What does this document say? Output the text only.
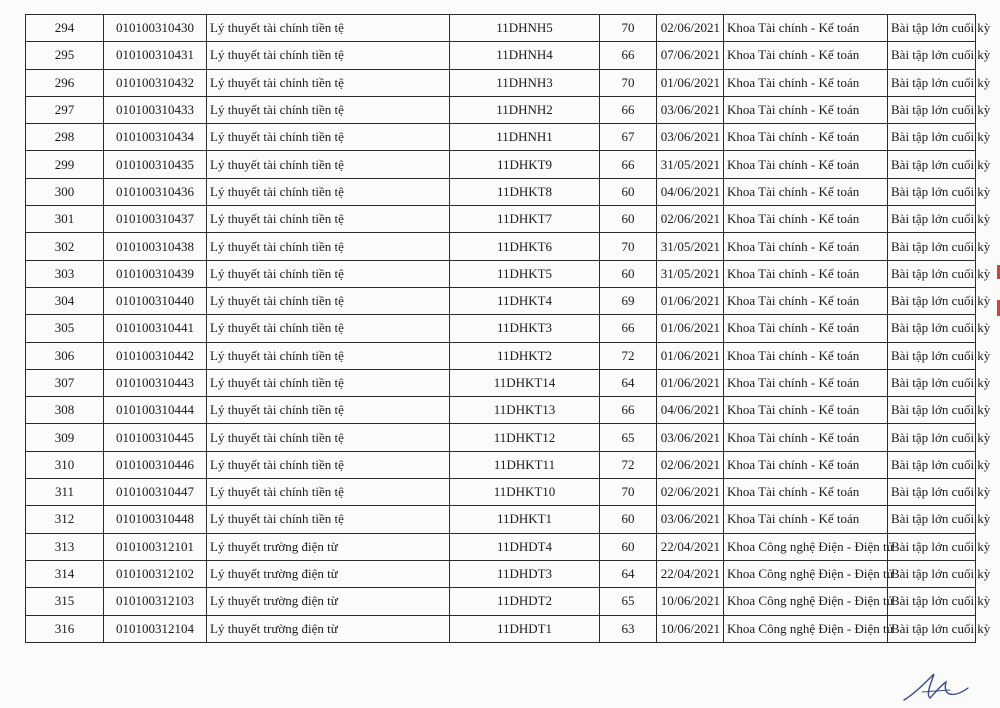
294	010100310430	Lý thuyết tài chính tiền tệ	11DHNH5	70	02/06/2021	Khoa Tài chính - Kế toán	Bài tập lớn cuối kỳ
295	010100310431	Lý thuyết tài chính tiền tệ	11DHNH4	66	07/06/2021	Khoa Tài chính - Kế toán	Bài tập lớn cuối kỳ
296	010100310432	Lý thuyết tài chính tiền tệ	11DHNH3	70	01/06/2021	Khoa Tài chính - Kế toán	Bài tập lớn cuối kỳ
297	010100310433	Lý thuyết tài chính tiền tệ	11DHNH2	66	03/06/2021	Khoa Tài chính - Kế toán	Bài tập lớn cuối kỳ
298	010100310434	Lý thuyết tài chính tiền tệ	11DHNH1	67	03/06/2021	Khoa Tài chính - Kế toán	Bài tập lớn cuối kỳ
299	010100310435	Lý thuyết tài chính tiền tệ	11DHKT9	66	31/05/2021	Khoa Tài chính - Kế toán	Bài tập lớn cuối kỳ
300	010100310436	Lý thuyết tài chính tiền tệ	11DHKT8	60	04/06/2021	Khoa Tài chính - Kế toán	Bài tập lớn cuối kỳ
301	010100310437	Lý thuyết tài chính tiền tệ	11DHKT7	60	02/06/2021	Khoa Tài chính - Kế toán	Bài tập lớn cuối kỳ
302	010100310438	Lý thuyết tài chính tiền tệ	11DHKT6	70	31/05/2021	Khoa Tài chính - Kế toán	Bài tập lớn cuối kỳ
303	010100310439	Lý thuyết tài chính tiền tệ	11DHKT5	60	31/05/2021	Khoa Tài chính - Kế toán	Bài tập lớn cuối kỳ
304	010100310440	Lý thuyết tài chính tiền tệ	11DHKT4	69	01/06/2021	Khoa Tài chính - Kế toán	Bài tập lớn cuối kỳ
305	010100310441	Lý thuyết tài chính tiền tệ	11DHKT3	66	01/06/2021	Khoa Tài chính - Kế toán	Bài tập lớn cuối kỳ
306	010100310442	Lý thuyết tài chính tiền tệ	11DHKT2	72	01/06/2021	Khoa Tài chính - Kế toán	Bài tập lớn cuối kỳ
307	010100310443	Lý thuyết tài chính tiền tệ	11DHKT14	64	01/06/2021	Khoa Tài chính - Kế toán	Bài tập lớn cuối kỳ
308	010100310444	Lý thuyết tài chính tiền tệ	11DHKT13	66	04/06/2021	Khoa Tài chính - Kế toán	Bài tập lớn cuối kỳ
309	010100310445	Lý thuyết tài chính tiền tệ	11DHKT12	65	03/06/2021	Khoa Tài chính - Kế toán	Bài tập lớn cuối kỳ
310	010100310446	Lý thuyết tài chính tiền tệ	11DHKT11	72	02/06/2021	Khoa Tài chính - Kế toán	Bài tập lớn cuối kỳ
311	010100310447	Lý thuyết tài chính tiền tệ	11DHKT10	70	02/06/2021	Khoa Tài chính - Kế toán	Bài tập lớn cuối kỳ
312	010100310448	Lý thuyết tài chính tiền tệ	11DHKT1	60	03/06/2021	Khoa Tài chính - Kế toán	Bài tập lớn cuối kỳ
313	010100312101	Lý thuyết trường điện từ	11DHDT4	60	22/04/2021	Khoa Công nghệ Điện - Điện tử	Bài tập lớn cuối kỳ
314	010100312102	Lý thuyết trường điện từ	11DHDT3	64	22/04/2021	Khoa Công nghệ Điện - Điện tử	Bài tập lớn cuối kỳ
315	010100312103	Lý thuyết trường điện từ	11DHDT2	65	10/06/2021	Khoa Công nghệ Điện - Điện tử	Bài tập lớn cuối kỳ
316	010100312104	Lý thuyết trường điện từ	11DHDT1	63	10/06/2021	Khoa Công nghệ Điện - Điện tử	Bài tập lớn cuối kỳ
